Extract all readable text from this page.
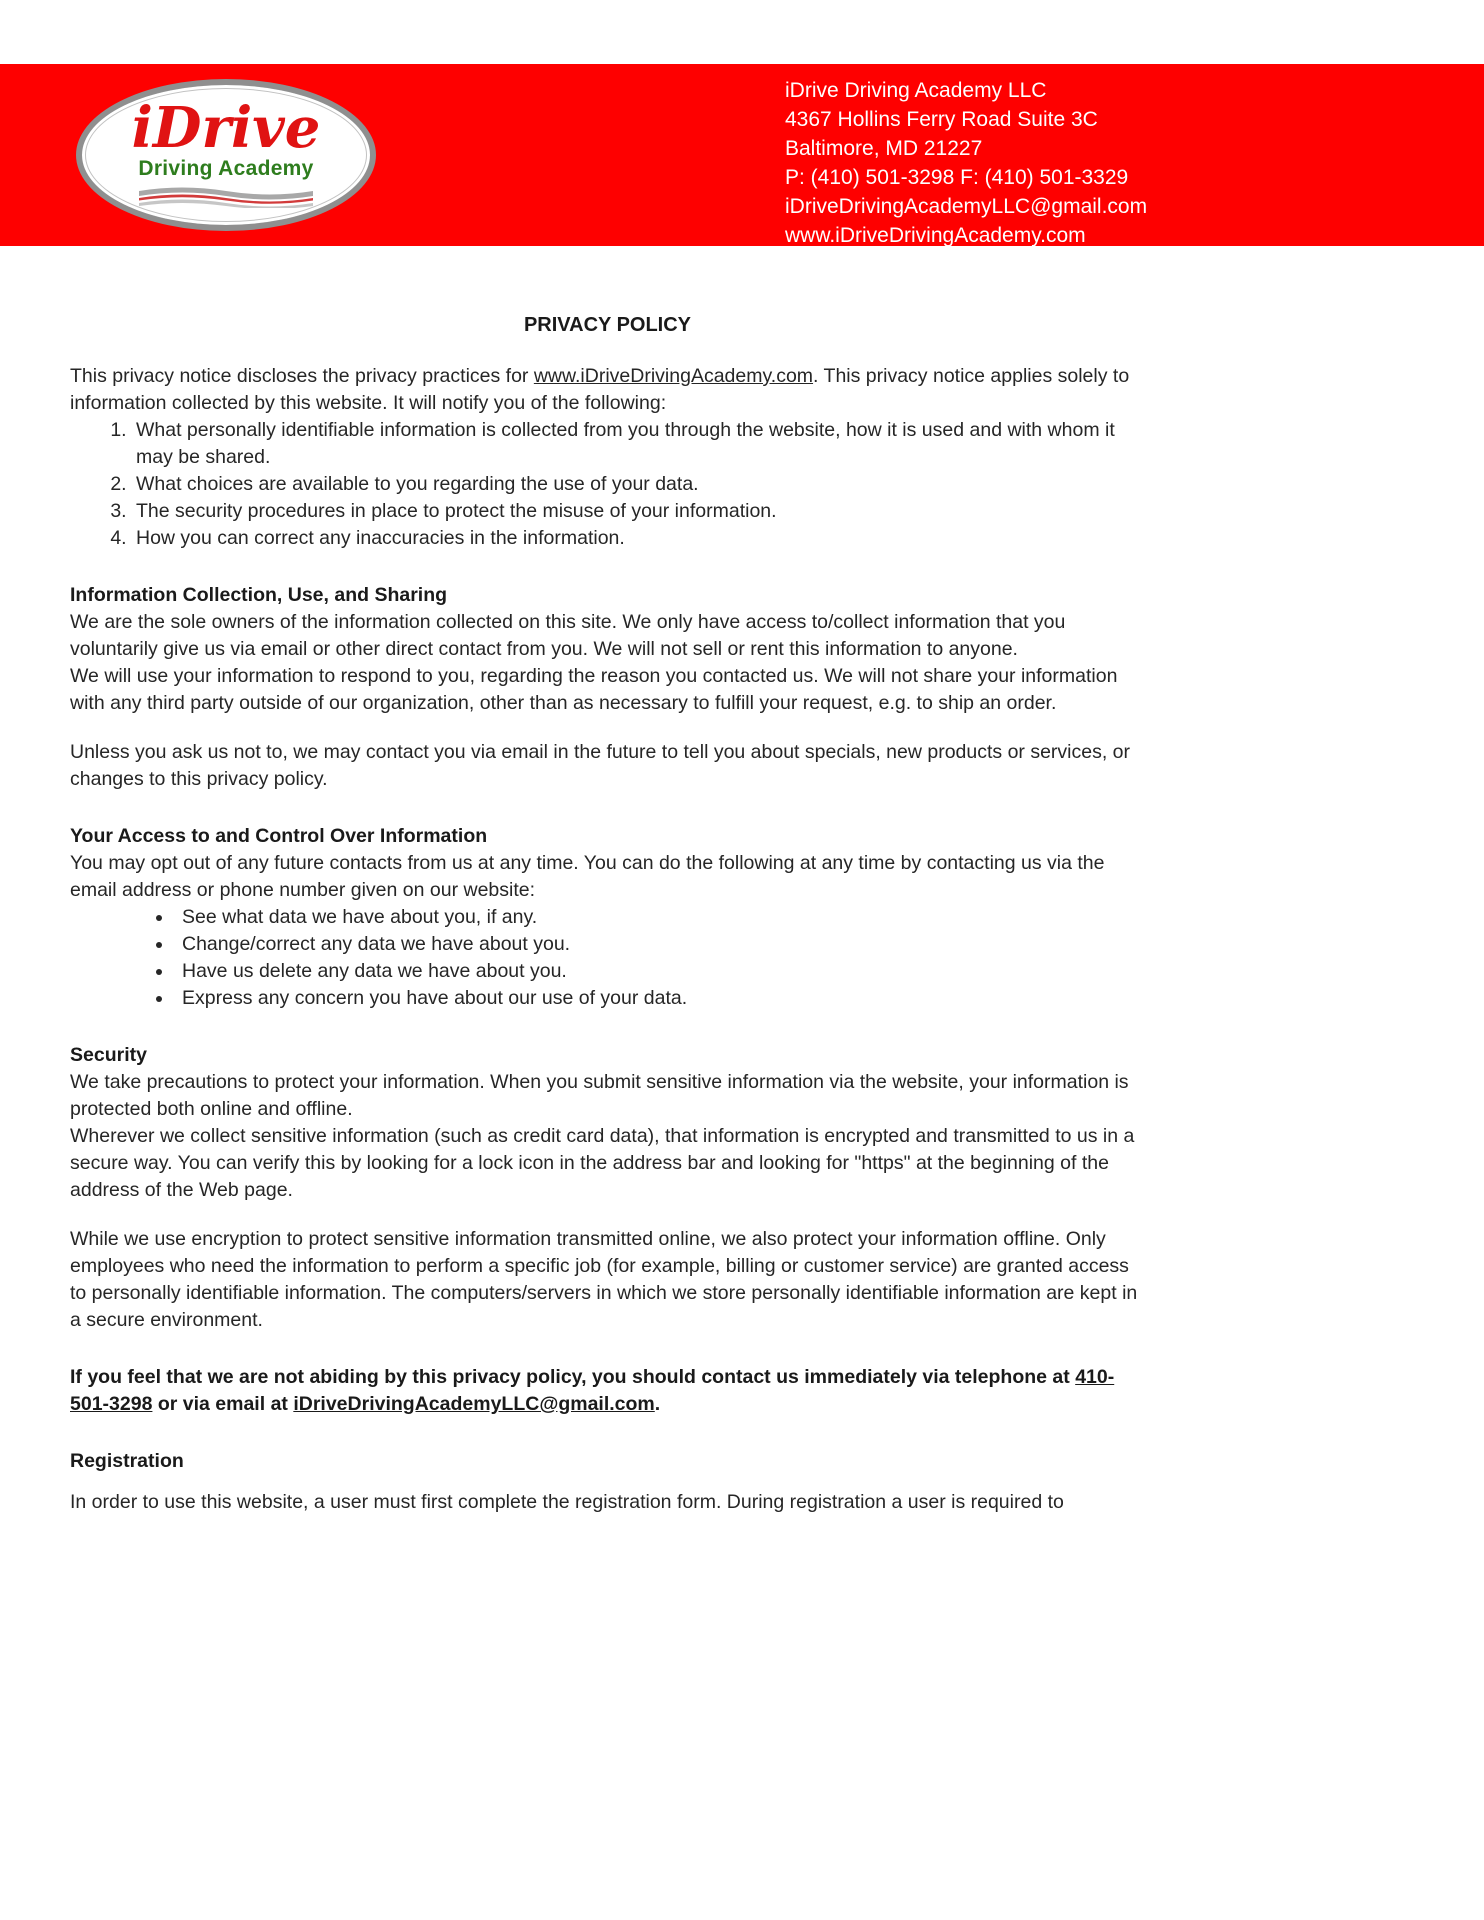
iDrive
Driving Academy
iDrive Driving Academy LLC
4367 Hollins Ferry Road Suite 3C
Baltimore, MD 21227
P: (410) 501-3298 F: (410) 501-3329
iDriveDrivingAcademyLLC@gmail.com
www.iDriveDrivingAcademy.com
PRIVACY POLICY

This privacy notice discloses the privacy practices for www.iDriveDrivingAcademy.com. This privacy notice applies solely to information collected by this website. It will notify you of the following:

1. What personally identifiable information is collected from you through the website, how it is used and with whom it may be shared.
2. What choices are available to you regarding the use of your data.
3. The security procedures in place to protect the misuse of your information.
4. How you can correct any inaccuracies in the information.
Information Collection, Use, and Sharing
We are the sole owners of the information collected on this site. We only have access to/collect information that you voluntarily give us via email or other direct contact from you. We will not sell or rent this information to anyone.
We will use your information to respond to you, regarding the reason you contacted us. We will not share your information with any third party outside of our organization, other than as necessary to fulfill your request, e.g. to ship an order.

Unless you ask us not to, we may contact you via email in the future to tell you about specials, new products or services, or changes to this privacy policy.

Your Access to and Control Over Information

You may opt out of any future contacts from us at any time. You can do the following at any time by contacting us via the email address or phone number given on our website:

• See what data we have about you, if any.
• Change/correct any data we have about you.
• Have us delete any data we have about you.
• Express any concern you have about our use of your data.
Security
We take precautions to protect your information. When you submit sensitive information via the website, your information is protected both online and offline.
Wherever we collect sensitive information (such as credit card data), that information is encrypted and transmitted to us in a secure way. You can verify this by looking for a lock icon in the address bar and looking for "https" at the beginning of the address of the Web page.

While we use encryption to protect sensitive information transmitted online, we also protect your information offline. Only employees who need the information to perform a specific job (for example, billing or customer service) are granted access to personally identifiable information. The computers/servers in which we store personally identifiable information are kept in a secure environment.

If you feel that we are not abiding by this privacy policy, you should contact us immediately via telephone at 410-501-3298 or via email at iDriveDrivingAcademyLLC@gmail.com.

Registration

In order to use this website, a user must first complete the registration form. During registration a user is required to
